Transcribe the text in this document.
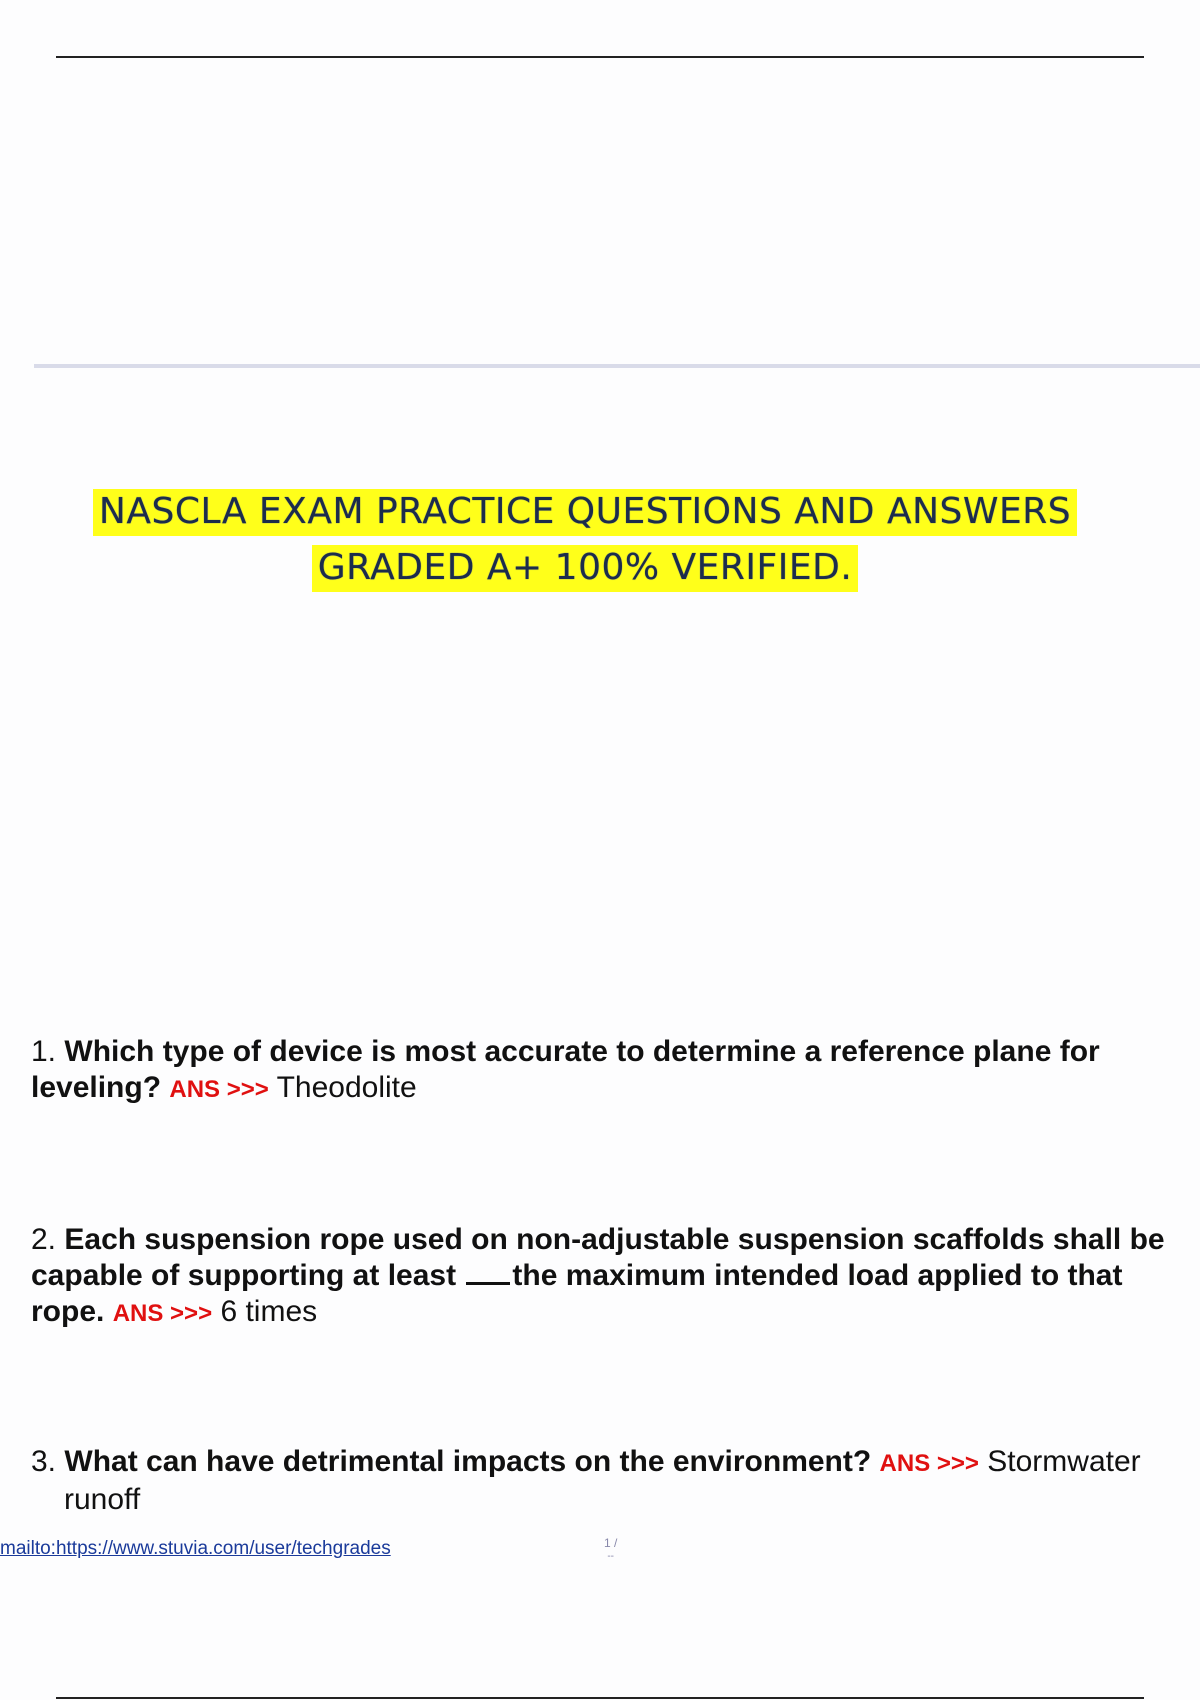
NASCLA EXAM PRACTICE QUESTIONS AND ANSWERS
GRADED A+ 100% VERIFIED.
1. Which type of device is most accurate to determine a reference plane for leveling? ANS >>> Theodolite
2. Each suspension rope used on non-adjustable suspension scaffolds shall be capable of supporting at least the maximum intended load applied to that rope. ANS >>> 6 times
3. What can have detrimental impacts on the environment? ANS >>> Stormwater
runoff
mailto:https://www.stuvia.com/user/techgrades	1 /
--
